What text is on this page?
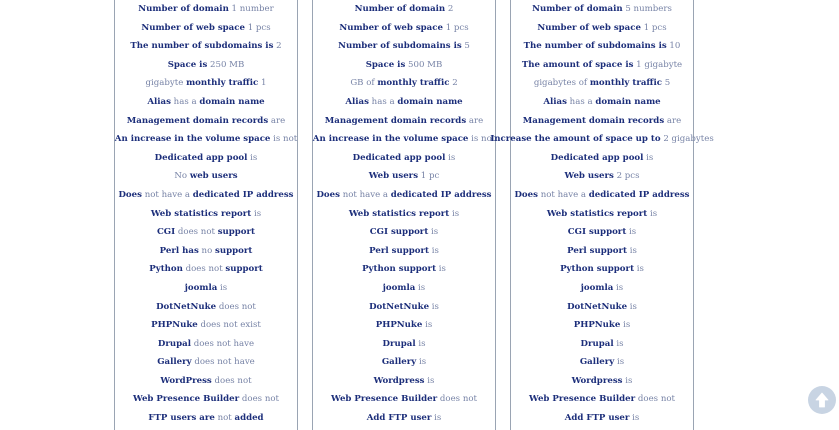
Number of domain 1 number
Number of web space 1 pcs
The number of subdomains is 2
Space is 250 MB
gigabyte monthly traffic 1
Alias has a domain name
Management domain records are
An increase in the volume space is not
Dedicated app pool is
No web users
Does not have a dedicated IP address
Web statistics report is
CGI does not support
Perl has no support
Python does not support
joomla is
DotNetNuke does not
PHPNuke does not exist
Drupal does not have
Gallery does not have
WordPress does not
Web Presence Builder does not
FTP users are not added
Number of domain 2
Number of web space 1 pcs
Number of subdomains is 5
Space is 500 MB
GB of monthly traffic 2
Alias has a domain name
Management domain records are
An increase in the volume space is not
Dedicated app pool is
Web users 1 pc
Does not have a dedicated IP address
Web statistics report is
CGI support is
Perl support is
Python support is
joomla is
DotNetNuke is
PHPNuke is
Drupal is
Gallery is
Wordpress is
Web Presence Builder does not
Add FTP user is
Number of domain 5 numbers
Number of web space 1 pcs
The number of subdomains is 10
The amount of space is 1 gigabyte
gigabytes of monthly traffic 5
Alias has a domain name
Management domain records are
Increase the amount of space up to 2 gigabytes
Dedicated app pool is
Web users 2 pcs
Does not have a dedicated IP address
Web statistics report is
CGI support is
Perl support is
Python support is
joomla is
DotNetNuke is
PHPNuke is
Drupal is
Gallery is
Wordpress is
Web Presence Builder does not
Add FTP user is
